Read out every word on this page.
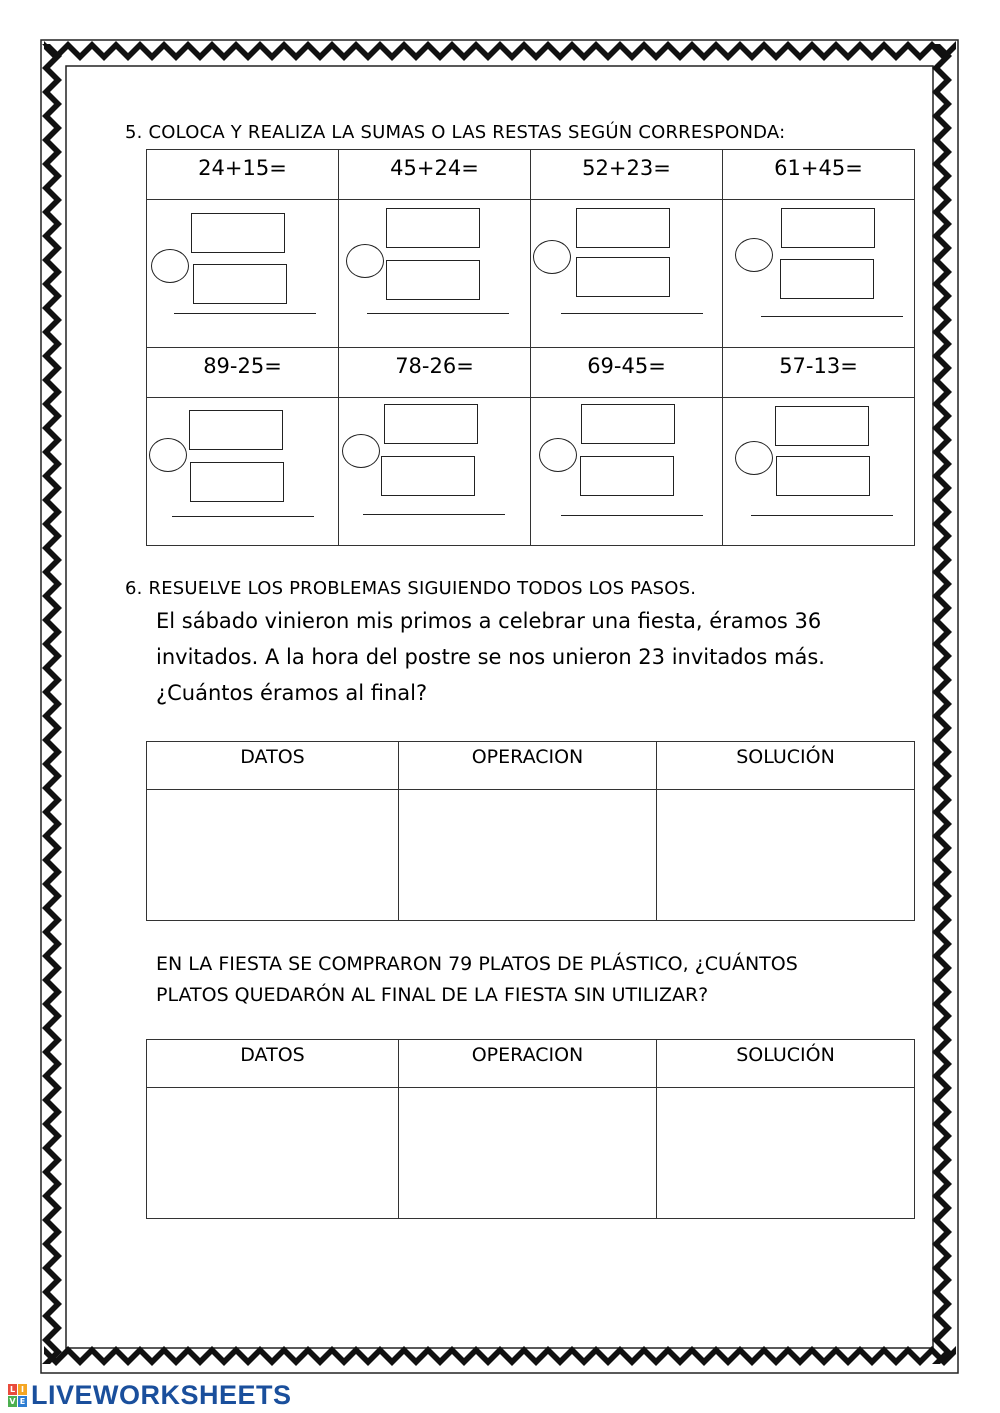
5. COLOCA Y REALIZA LA SUMAS O LAS RESTAS SEGÚN CORRESPONDA:
24+15=	45+24=	52+23=	61+45=

89-25=	78-26=	69-45=	57-13=

6. RESUELVE LOS PROBLEMAS SIGUIENDO TODOS LOS PASOS.
El sábado vinieron mis primos a celebrar una fiesta, éramos 36
invitados. A la hora del postre se nos unieron 23 invitados más.
¿Cuántos éramos al final?
DATOS	OPERACION	SOLUCIÓN

EN LA FIESTA SE COMPRARON 79 PLATOS DE PLÁSTICO, ¿CUÁNTOS
PLATOS QUEDARÓN AL FINAL DE LA FIESTA SIN UTILIZAR?
DATOS	OPERACION	SOLUCIÓN

L I
V E LIVEWORKSHEETS
